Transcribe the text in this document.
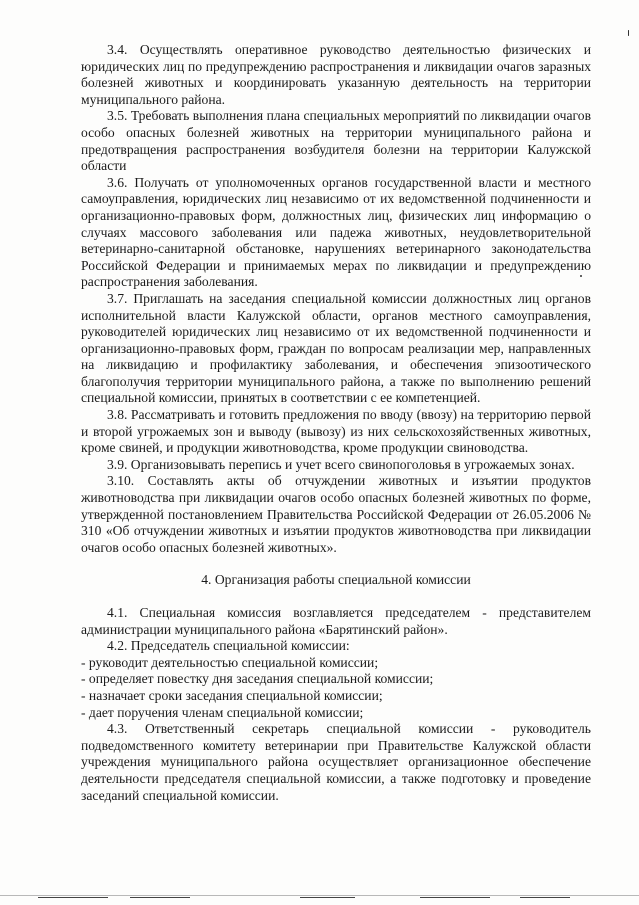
3.4. Осуществлять оперативное руководство деятельностью физических и юридических лиц по предупреждению распространения и ликвидации очагов заразных болезней животных и координировать указанную деятельность на территории муниципального района.

3.5. Требовать выполнения плана специальных мероприятий по ликвидации очагов особо опасных болезней животных на территории муниципального района и предотвращения распространения возбудителя болезни на территории Калужской области

3.6. Получать от уполномоченных органов государственной власти и местного самоуправления, юридических лиц независимо от их ведомственной подчиненности и организационно-правовых форм, должностных лиц, физических лиц информацию о случаях массового заболевания или падежа животных, неудовлетворительной ветеринарно-санитарной обстановке, нарушениях ветеринарного законодательства Российской Федерации и принимаемых мерах по ликвидации и предупреждению распространения заболевания.

3.7. Приглашать на заседания специальной комиссии должностных лиц органов исполнительной власти Калужской области, органов местного самоуправления, руководителей юридических лиц независимо от их ведомственной подчиненности и организационно-правовых форм, граждан по вопросам реализации мер, направленных на ликвидацию и профилактику заболевания, и обеспечения эпизоотического благополучия территории муниципального района, а также по выполнению решений специальной комиссии, принятых в соответствии с ее компетенцией.

3.8. Рассматривать и готовить предложения по вводу (ввозу) на территорию первой и второй угрожаемых зон и выводу (вывозу) из них сельскохозяйственных животных, кроме свиней, и продукции животноводства, кроме продукции свиноводства.

3.9. Организовывать перепись и учет всего свинопоголовья в угрожаемых зонах.

3.10. Составлять акты об отчуждении животных и изъятии продуктов животноводства при ликвидации очагов особо опасных болезней животных по форме, утвержденной постановлением Правительства Российской Федерации от 26.05.2006 № 310 «Об отчуждении животных и изъятии продуктов животноводства при ликвидации очагов особо опасных болезней животных».

4. Организация работы специальной комиссии

4.1. Специальная комиссия возглавляется председателем - представителем администрации муниципального района «Барятинский район».

4.2. Председатель специальной комиссии:

- руководит деятельностью специальной комиссии;

- определяет повестку дня заседания специальной комиссии;

- назначает сроки заседания специальной комиссии;

- дает поручения членам специальной комиссии;

4.3. Ответственный секретарь специальной комиссии - руководитель подведомственного комитету ветеринарии при Правительстве Калужской области учреждения муниципального района осуществляет организационное обеспечение деятельности председателя специальной комиссии, а также подготовку и проведение заседаний специальной комиссии.
